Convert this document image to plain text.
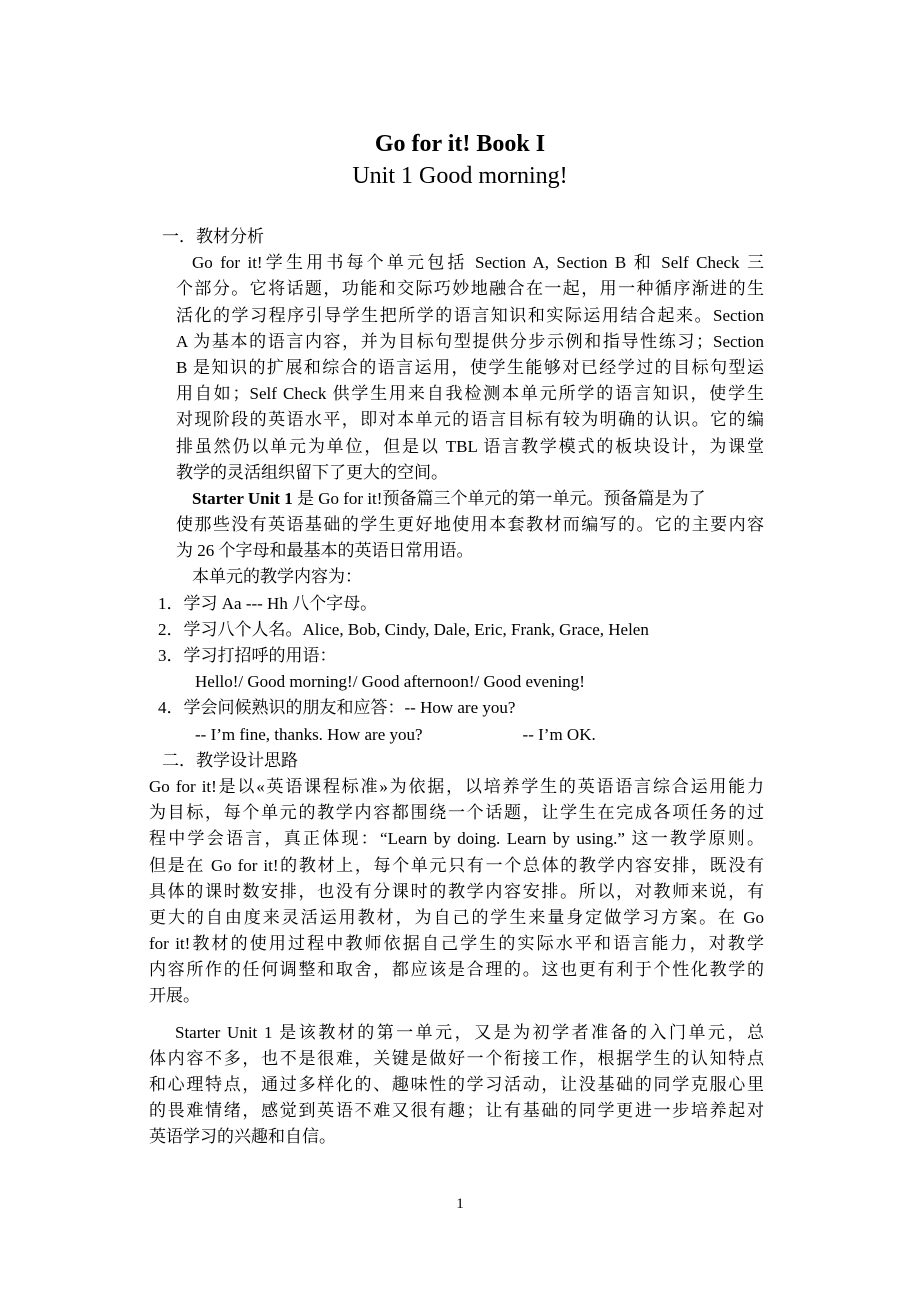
Go for it! Book I
Unit 1 Good morning!
一．教材分析
Go for it!学生用书每个单元包括 Section A, Section B 和 Self Check 三
个部分。它将话题，功能和交际巧妙地融合在一起，用一种循序渐进的生
活化的学习程序引导学生把所学的语言知识和实际运用结合起来。Section
A 为基本的语言内容，并为目标句型提供分步示例和指导性练习；Section
B 是知识的扩展和综合的语言运用，使学生能够对已经学过的目标句型运
用自如；Self Check 供学生用来自我检测本单元所学的语言知识，使学生
对现阶段的英语水平，即对本单元的语言目标有较为明确的认识。它的编
排虽然仍以单元为单位，但是以 TBL 语言教学模式的板块设计，为课堂
教学的灵活组织留下了更大的空间。
Starter Unit 1 是 Go for it!预备篇三个单元的第一单元。预备篇是为了
使那些没有英语基础的学生更好地使用本套教材而编写的。它的主要内容
为 26 个字母和最基本的英语日常用语。
本单元的教学内容为：
1．学习 Aa --- Hh 八个字母。
2．学习八个人名。Alice, Bob, Cindy, Dale, Eric, Frank, Grace, Helen
3．学习打招呼的用语：
Hello!/ Good morning!/ Good afternoon!/ Good evening!
4．学会问候熟识的朋友和应答：-- How are you?
-- I’m fine, thanks. How are you?	-- I’m OK.
二．教学设计思路
Go for it!是以«英语课程标准»为依据，以培养学生的英语语言综合运用能力
为目标，每个单元的教学内容都围绕一个话题，让学生在完成各项任务的过
程中学会语言，真正体现：“Learn by doing. Learn by using.” 这一教学原则。
但是在 Go for it!的教材上，每个单元只有一个总体的教学内容安排，既没有
具体的课时数安排，也没有分课时的教学内容安排。所以，对教师来说，有
更大的自由度来灵活运用教材，为自己的学生来量身定做学习方案。在 Go
for it!教材的使用过程中教师依据自己学生的实际水平和语言能力，对教学
内容所作的任何调整和取舍，都应该是合理的。这也更有利于个性化教学的
开展。
Starter Unit 1 是该教材的第一单元，又是为初学者准备的入门单元，总
体内容不多，也不是很难，关键是做好一个衔接工作，根据学生的认知特点
和心理特点，通过多样化的、趣味性的学习活动，让没基础的同学克服心里
的畏难情绪，感觉到英语不难又很有趣；让有基础的同学更进一步培养起对
英语学习的兴趣和自信。
1
